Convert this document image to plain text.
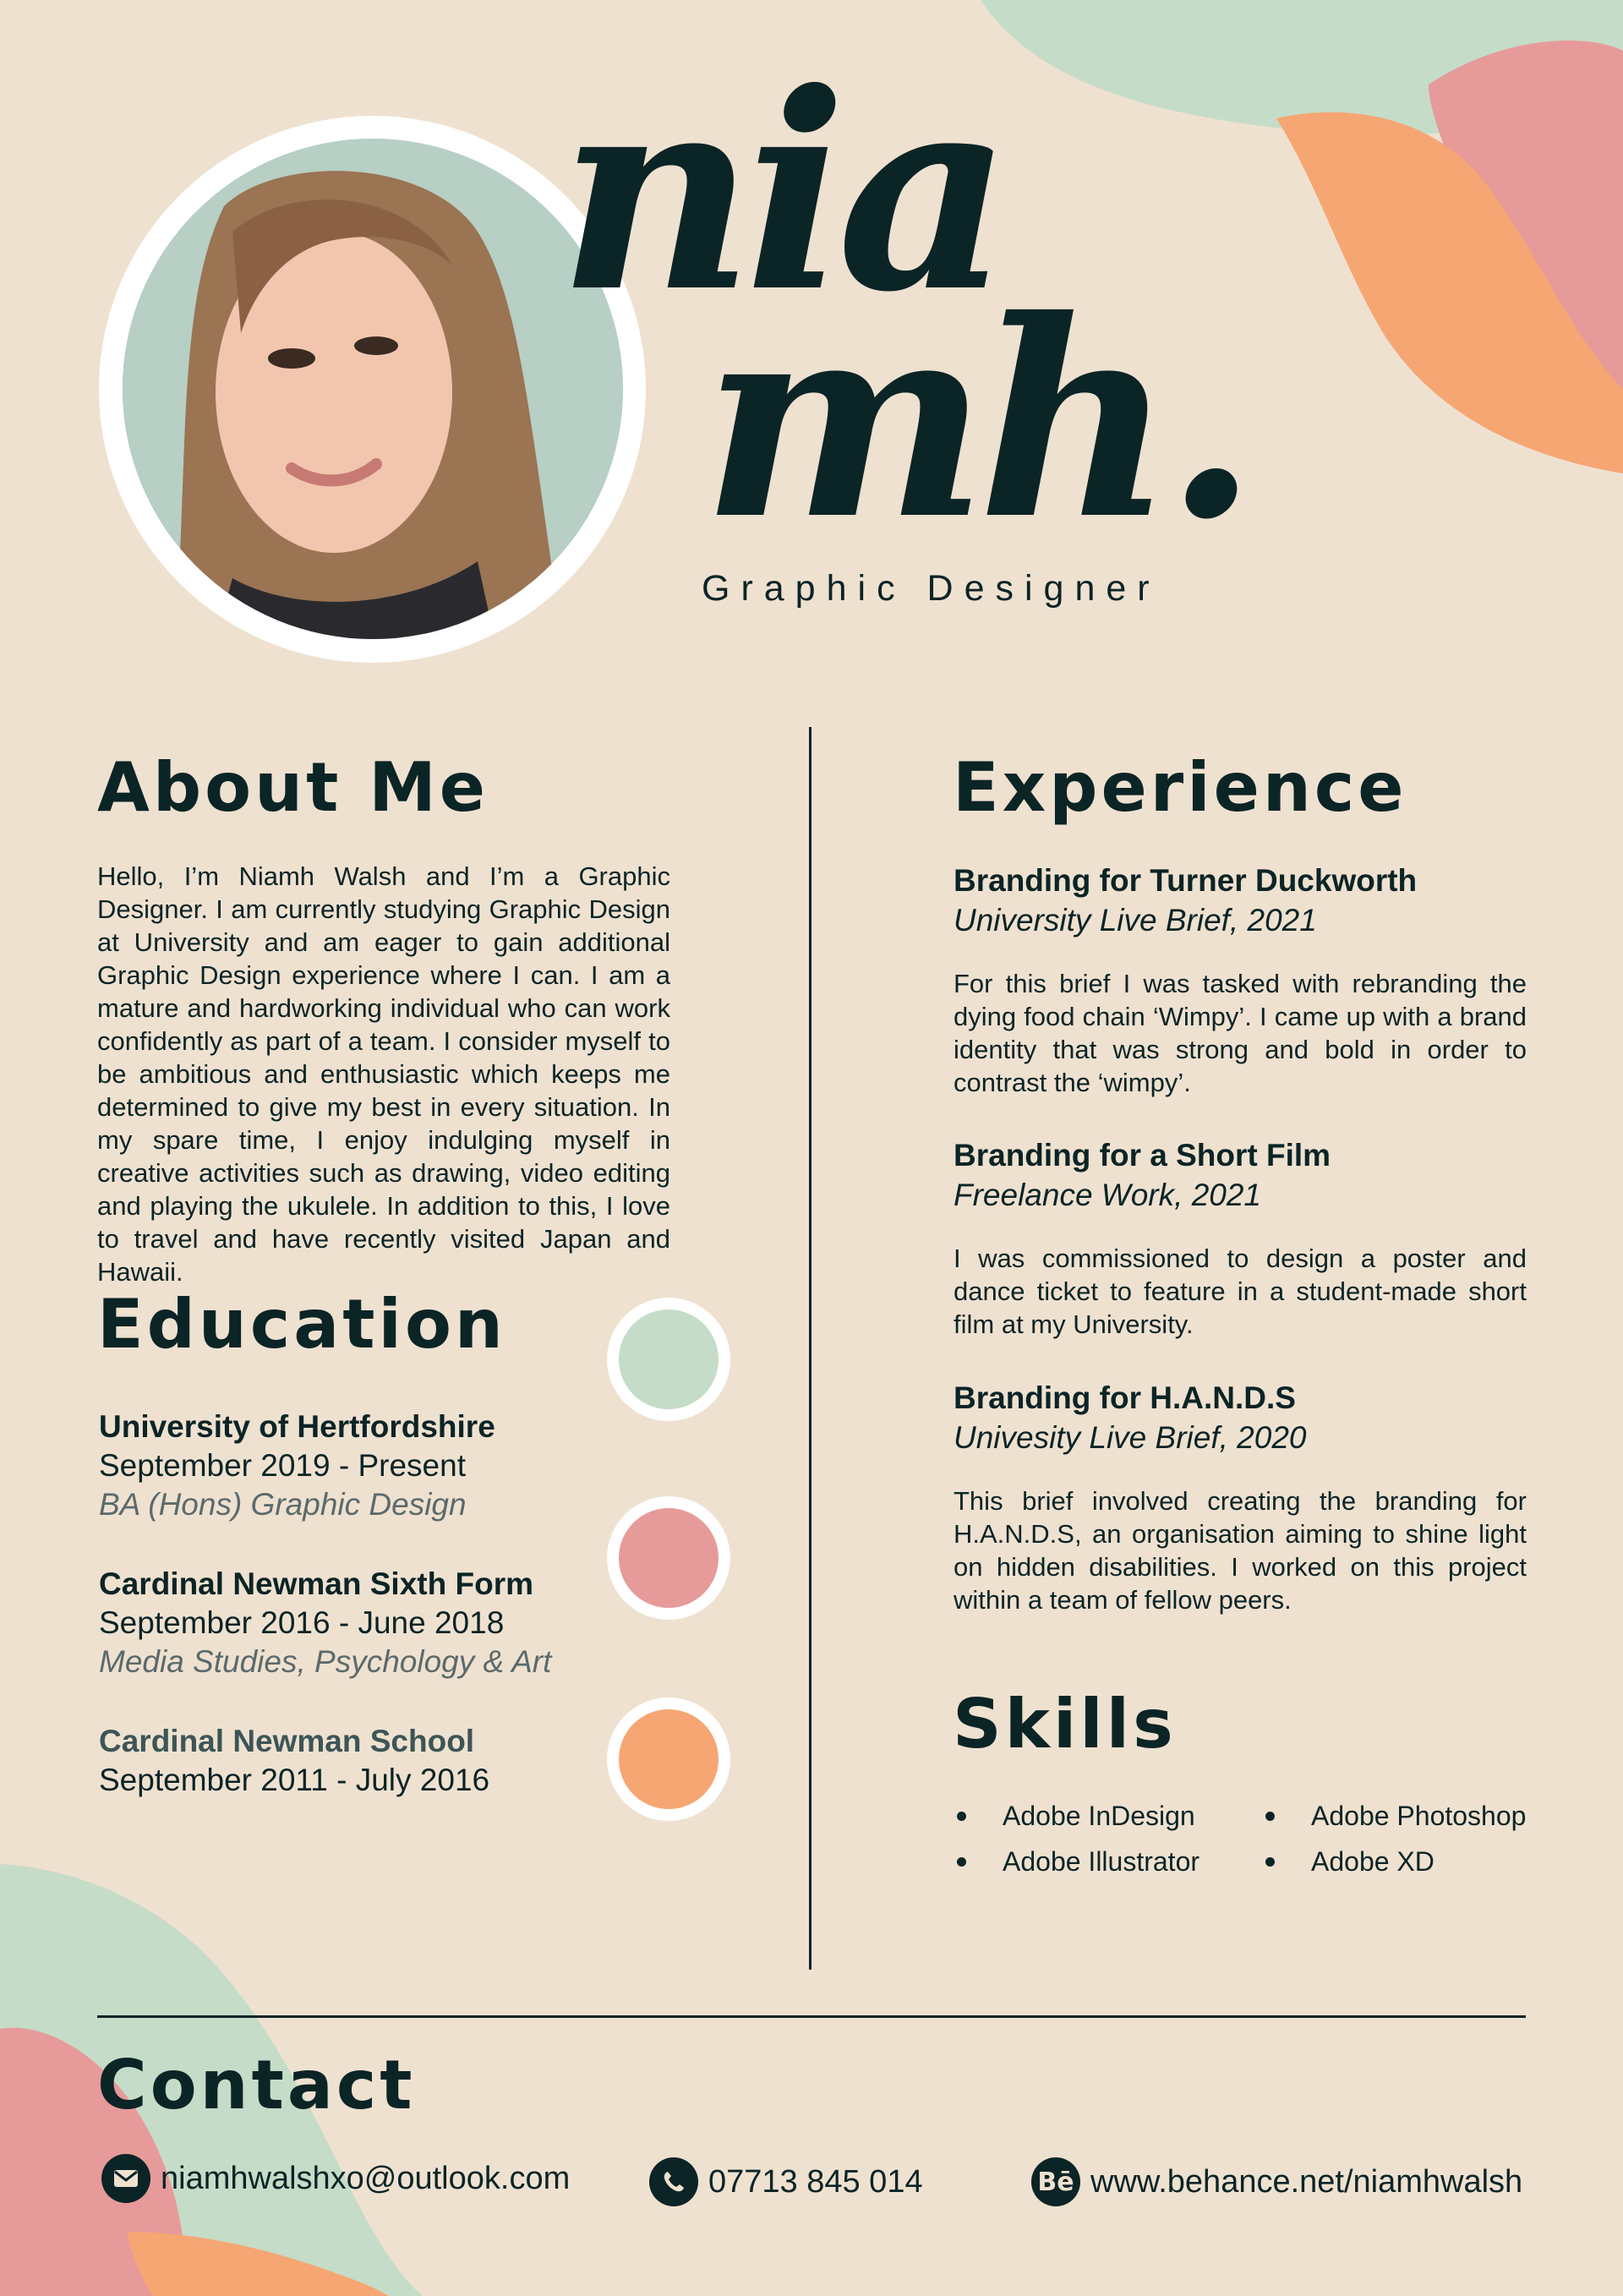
nia
mh.
Graphic Designer
About Me
Hello, I’m Niamh Walsh and I’m a Graphic Designer. I am currently studying Graphic Design at University and am eager to gain additional Graphic Design experience where I can. I am a mature and hardworking individual who can work confidently as part of a team. I consider myself to be ambitious and enthusiastic which keeps me determined to give my best in every situation. In my spare time, I enjoy indulging myself in creative activities such as drawing, video editing and playing the ukulele. In addition to this, I love to travel and have recently visited Japan and Hawaii.
Education
University of Hertfordshire
September 2019 - Present
BA (Hons) Graphic Design
Cardinal Newman Sixth Form
September 2016 - June 2018
Media Studies, Psychology & Art
Cardinal Newman School
September 2011 - July 2016
Experience
Branding for Turner Duckworth
University Live Brief, 2021
For this brief I was tasked with rebranding the dying food chain ‘Wimpy’. I came up with a brand identity that was strong and bold in order to contrast the ‘wimpy’.
Branding for a Short Film
Freelance Work, 2021
I was commissioned to design a poster and dance ticket to feature in a student-made short film at my University.
Branding for H.A.N.D.S
Univesity Live Brief, 2020
This brief involved creating the branding for H.A.N.D.S, an organisation aiming to shine light on hidden disabilities. I worked on this project within a team of fellow peers.
Skills
Adobe InDesign	Adobe Photoshop
Adobe Illustrator	Adobe XD
Contact
niamhwalshxo@outlook.com	07713 845 014	Bē www.behance.net/niamhwalsh
